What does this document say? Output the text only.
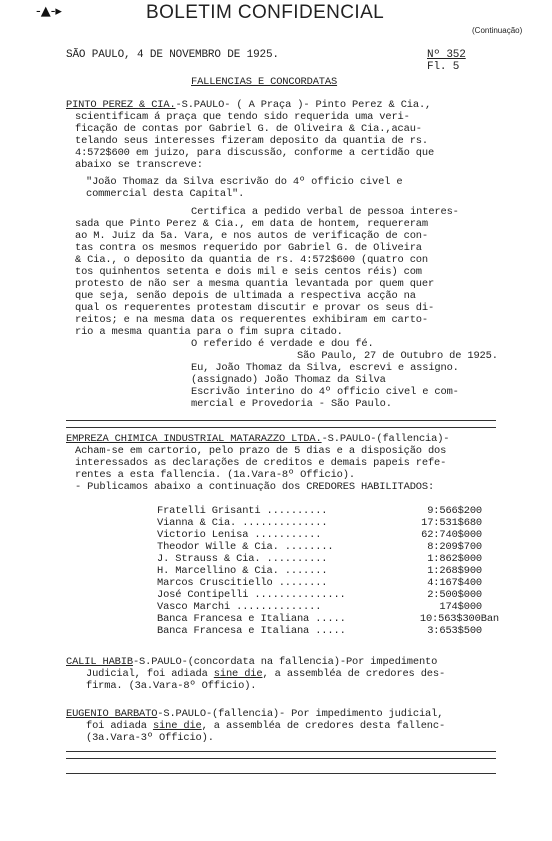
-▲-▸	BOLETIM CONFIDENCIAL
(Continuação)
SÃO PAULO, 4 DE NOVEMBRO DE 1925.	Nº 352
Fl. 5
FALLENCIAS E CONCORDATAS
PINTO PEREZ & CIA.-S.PAULO- ( A Praça )- Pinto Perez & Cia.,
scientificam á praça que tendo sido requerida uma veri-
ficação de contas por Gabriel G. de Oliveira & Cia.,acau-
telando seus interesses fizeram deposito da quantia de rs.
4:572$600 em juizo, para discussão, conforme a certidão que
abaixo se transcreve:
"João Thomaz da Silva escrivão do 4º officio civel e
commercial desta Capital".
Certifica a pedido verbal de pessoa interes-
sada que Pinto Perez & Cia., em data de hontem, requereram
ao M. Juiz da 5a. Vara, e nos autos de verificação de con-
tas contra os mesmos requerido por Gabriel G. de Oliveira
& Cia., o deposito da quantia de rs. 4:572$600 (quatro con
tos quinhentos setenta e dois mil e seis centos réis) com
protesto de não ser a mesma quantia levantada por quem quer
que seja, senão depois de ultimada a respectiva acção na
qual os requerentes protestam discutir e provar os seus di-
reitos; e na mesma data os requerentes exhibiram em carto-
rio a mesma quantia para o fim supra citado.
O referido é verdade e dou fé.
São Paulo, 27 de Outubro de 1925.
Eu, João Thomaz da Silva, escrevi e assigno.
(assignado) João Thomaz da Silva
Escrivão interino do 4º officio civel e com-
mercial e Provedoria - São Paulo.
EMPREZA CHIMICA INDUSTRIAL MATARAZZO LTDA.-S.PAULO-(fallencia)-
Acham-se em cartorio, pelo prazo de 5 dias e a disposição dos
interessados as declarações de creditos e demais papeis refe-
rentes a esta fallencia. (1a.Vara-8º Officio).
- Publicamos abaixo a continuação dos CREDORES HABILITADOS:
Fratelli Grisanti ..........	9:566$200
Vianna & Cia. ..............	17:531$680
Victorio Lenisa ...........	62:740$000
Theodor Wille & Cia. ........	8:209$700
J. Strauss & Cia. ..........	1:862$000
H. Marcellino & Cia. .......	1:268$900
Marcos Cruscitiello ........	4:167$400
José Contipelli ...............	2:500$000
Vasco Marchi ..............	174$000
Banca Francesa e Italiana .....	10:563$300Ban
Banca Francesa e Italiana .....	3:653$500
CALIL HABIB-S.PAULO-(concordata na fallencia)-Por impedimento
Judicial, foi adiada sine die, a assembléa de credores des-
firma. (3a.Vara-8º Officio).
EUGENIO BARBATO-S.PAULO-(fallencia)- Por impedimento judicial,
foi adiada sine die, a assembléa de credores desta fallenc-
(3a.Vara-3º Officio).
